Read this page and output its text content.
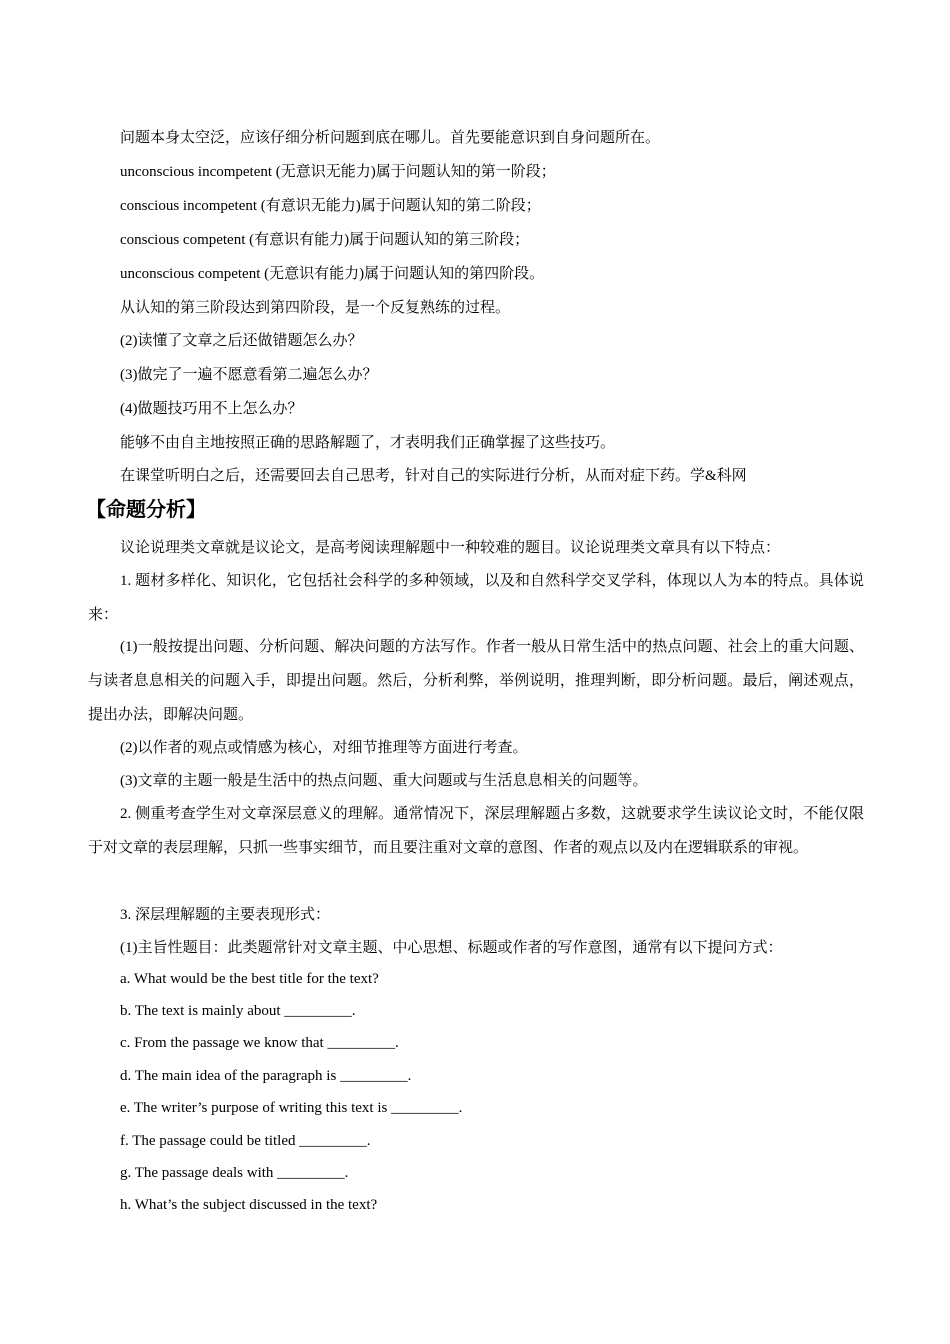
问题本身太空泛，应该仔细分析问题到底在哪儿。首先要能意识到自身问题所在。
unconscious incompetent (无意识无能力)属于问题认知的第一阶段；
conscious incompetent (有意识无能力)属于问题认知的第二阶段；
conscious competent (有意识有能力)属于问题认知的第三阶段；
unconscious competent (无意识有能力)属于问题认知的第四阶段。
从认知的第三阶段达到第四阶段，是一个反复熟练的过程。
(2)读懂了文章之后还做错题怎么办？
(3)做完了一遍不愿意看第二遍怎么办？
(4)做题技巧用不上怎么办？
能够不由自主地按照正确的思路解题了，才表明我们正确掌握了这些技巧。
在课堂听明白之后，还需要回去自己思考，针对自己的实际进行分析，从而对症下药。学&科网
【命题分析】
议论说理类文章就是议论文，是高考阅读理解题中一种较难的题目。议论说理类文章具有以下特点：
1. 题材多样化、知识化，它包括社会科学的多种领域，以及和自然科学交叉学科，体现以人为本的特点。具体说来：
(1)一般按提出问题、分析问题、解决问题的方法写作。作者一般从日常生活中的热点问题、社会上的重大问题、与读者息息相关的问题入手，即提出问题。然后，分析利弊，举例说明，推理判断，即分析问题。最后，阐述观点，提出办法，即解决问题。
(2)以作者的观点或情感为核心，对细节推理等方面进行考查。
(3)文章的主题一般是生活中的热点问题、重大问题或与生活息息相关的问题等。
2. 侧重考查学生对文章深层意义的理解。通常情况下，深层理解题占多数，这就要求学生读议论文时，不能仅限于对文章的表层理解，只抓一些事实细节，而且要注重对文章的意图、作者的观点以及内在逻辑联系的审视。
3. 深层理解题的主要表现形式：
(1)主旨性题目：此类题常针对文章主题、中心思想、标题或作者的写作意图，通常有以下提问方式：
a. What would be the best title for the text?
b. The text is mainly about _________.
c. From the passage we know that _________.
d. The main idea of the paragraph is _________.
e. The writer’s purpose of writing this text is _________.
f. The passage could be titled _________.
g. The passage deals with _________.
h. What’s the subject discussed in the text?
